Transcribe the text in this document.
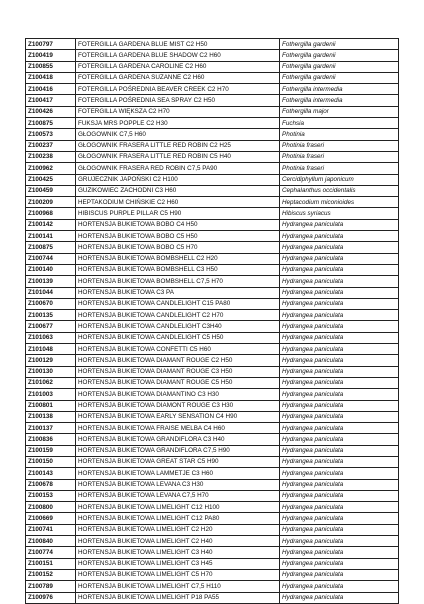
Z100797	FOTERGILLA GARDENA BLUE MIST C2 H50	Fothergilla gardenii
Z100419	FOTERGILLA GARDENA BLUE SHADOW C2 H60	Fothergilla gardenii
Z100855	FOTERGILLA GARDENA CAROLINE C2 H60	Fothergilla gardenii
Z100418	FOTERGILLA GARDENA SUZANNE C2 H60	Fothergilla gardenii
Z100416	FOTERGILLA POŚREDNIA BEAVER CREEK C2 H70	Fothergilla intermedia
Z100417	FOTERGILLA POŚREDNIA SEA SPRAY C2 H50	Fothergilla intermedia
Z100426	FOTERGILLA WIĘKSZA C2 H70	Fothergilla major
Z100875	FUKSJA MRS POPPLE C2 H30	Fuchsia
Z100573	GŁOGOWNIK C7,5 H60	Photinia
Z100237	GŁOGOWNIK FRASERA LITTLE RED ROBIN C2 H25	Photinia fraseri
Z100238	GŁOGOWNIK FRASERA LITTLE RED ROBIN C5 H40	Photinia fraseri
Z100962	GŁOGOWNIK FRASERA RED ROBIN C7,5 PA90	Photinia fraseri
Z100425	GRUJECZNIK JAPOŃSKI C2 H100	Cercidiphyllum japonicum
Z100459	GUZIKOWIEC ZACHODNI C3 H60	Cephalanthus occidentalis
Z100209	HEPTAKODIUM CHIŃSKIE C2 H60	Heptacodium miconioides
Z100968	HIBISCUS PURPLE PILLAR C5 H90	Hibiscus syriacus
Z100142	HORTENSJA BUKIETOWA BOBO C4 H50	Hydrangea paniculata
Z100141	HORTENSJA BUKIETOWA BOBO C5 H50	Hydrangea paniculata
Z100875	HORTENSJA BUKIETOWA BOBO C5 H70	Hydrangea paniculata
Z100744	HORTENSJA BUKIETOWA BOMBSHELL C2 H20	Hydrangea paniculata
Z100140	HORTENSJA BUKIETOWA BOMBSHELL C3 H50	Hydrangea paniculata
Z100139	HORTENSJA BUKIETOWA BOMBSHELL C7,5 H70	Hydrangea paniculata
Z101044	HORTENSJA BUKIETOWA C3 PA	Hydrangea paniculata
Z100670	HORTENSJA BUKIETOWA CANDLELIGHT C15 PA80	Hydrangea paniculata
Z100135	HORTENSJA BUKIETOWA CANDLELIGHT C2 H70	Hydrangea paniculata
Z100677	HORTENSJA BUKIETOWA CANDLELIGHT C3H40	Hydrangea paniculata
Z101063	HORTENSJA BUKIETOWA CANDLELIGHT C5 H50	Hydrangea paniculata
Z101048	HORTENSJA BUKIETOWA CONFETTI C5 H60	Hydrangea paniculata
Z100129	HORTENSJA BUKIETOWA DIAMANT ROUGE C2 H50	Hydrangea paniculata
Z100130	HORTENSJA BUKIETOWA DIAMANT ROUGE C3 H50	Hydrangea paniculata
Z101062	HORTENSJA BUKIETOWA DIAMANT ROUGE C5 H50	Hydrangea paniculata
Z101003	HORTENSJA BUKIETOWA DIAMANTINO C3 H30	Hydrangea paniculata
Z100801	HORTENSJA BUKIETOWA DIAMONT ROUGE C3 H30	Hydrangea paniculata
Z100138	HORTENSJA BUKIETOWA EARLY SENSATION C4 H90	Hydrangea paniculata
Z100137	HORTENSJA BUKIETOWA FRAISE MELBA C4 H60	Hydrangea paniculata
Z100836	HORTENSJA BUKIETOWA GRANDIFLORA C3 H40	Hydrangea paniculata
Z100159	HORTENSJA BUKIETOWA GRANDIFLORA C7,5 H90	Hydrangea paniculata
Z100150	HORTENSJA BUKIETOWA GREAT STAR C5 H90	Hydrangea paniculata
Z100143	HORTENSJA BUKIETOWA LAMMETJE C3 H60	Hydrangea paniculata
Z100678	HORTENSJA BUKIETOWA LEVANA C3 H30	Hydrangea paniculata
Z100153	HORTENSJA BUKIETOWA LEVANA C7,5 H70	Hydrangea paniculata
Z100800	HORTENSJA BUKIETOWA LIMELIGHT C12 H100	Hydrangea paniculata
Z100669	HORTENSJA BUKIETOWA LIMELIGHT C12 PA80	Hydrangea paniculata
Z100741	HORTENSJA BUKIETOWA LIMELIGHT C2 H20	Hydrangea paniculata
Z100840	HORTENSJA BUKIETOWA LIMELIGHT C2 H40	Hydrangea paniculata
Z100774	HORTENSJA BUKIETOWA LIMELIGHT C3 H40	Hydrangea paniculata
Z100151	HORTENSJA BUKIETOWA LIMELIGHT C3 H45	Hydrangea paniculata
Z100152	HORTENSJA BUKIETOWA LIMELIGHT C5 H70	Hydrangea paniculata
Z100789	HORTENSJA BUKIETOWA LIMELIGHT C7,5 H110	Hydrangea paniculata
Z100976	HORTENSJA BUKIETOWA LIMELIGHT P18 PA55	Hydrangea paniculata
